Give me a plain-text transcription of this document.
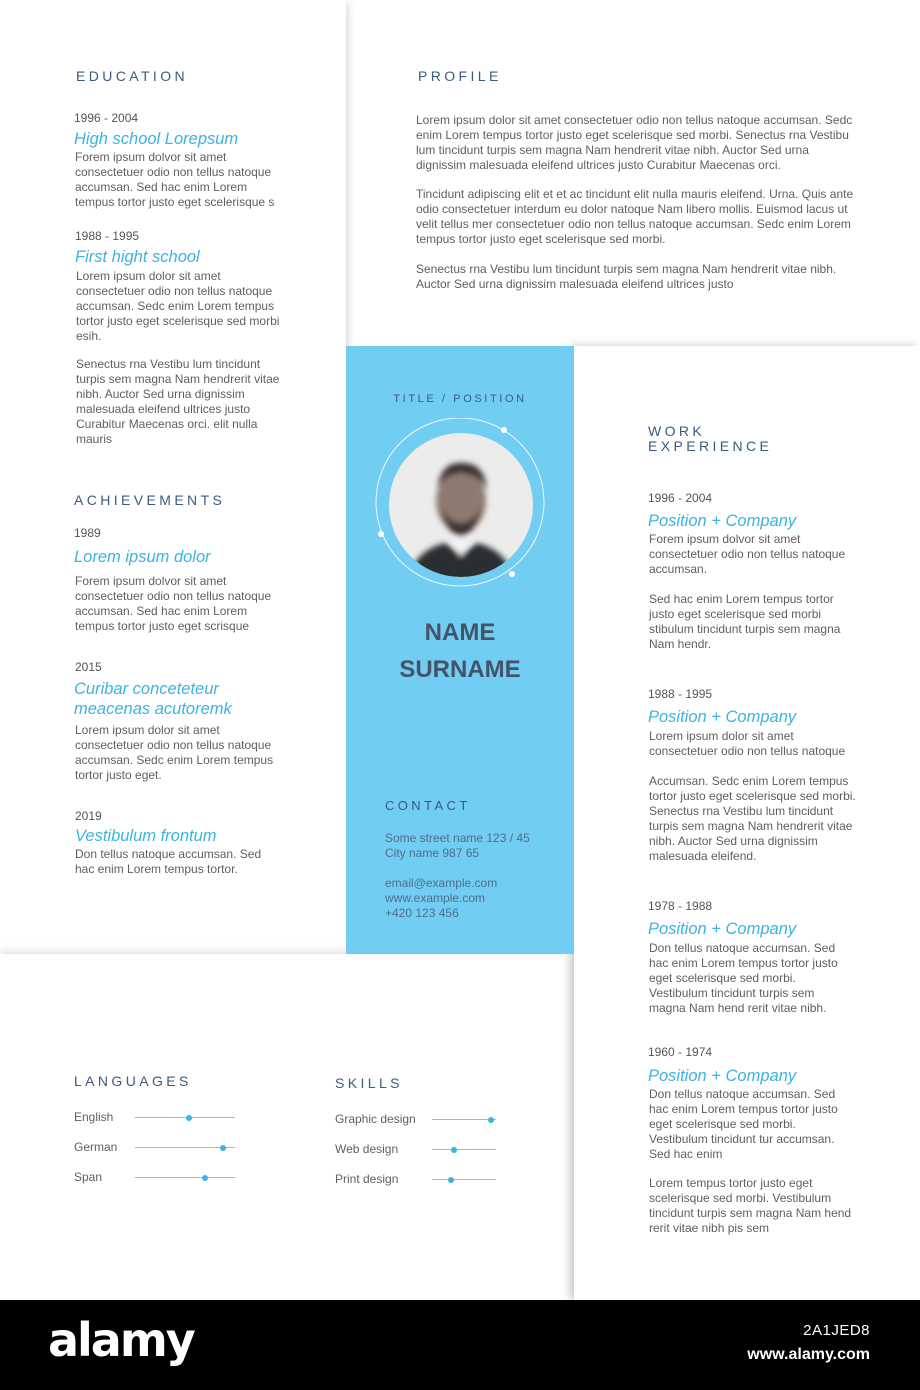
EDUCATION
1996 - 2004
High school Lorepsum
Forem ipsum dolvor sit amet consectetuer odio non tellus natoque accumsan. Sed hac enim Lorem tempus tortor justo eget scelerisque s
1988 - 1995
First hight school
Lorem ipsum dolor sit amet consectetuer odio non tellus natoque accumsan. Sedc enim Lorem tempus tortor justo eget scelerisque sed morbi esih.
Senectus rna Vestibu lum tincidunt turpis sem magna Nam hendrerit vitae nibh. Auctor Sed urna dignissim malesuada eleifend ultrices justo Curabitur Maecenas orci. elit nulla mauris
ACHIEVEMENTS
1989
Lorem ipsum dolor
Forem ipsum dolvor sit amet consectetuer odio non tellus natoque accumsan. Sed hac enim Lorem tempus tortor justo eget scrisque
2015
Curibar conceteteur meacenas acutoremk
Lorem ipsum dolor sit amet consectetuer odio non tellus natoque accumsan. Sedc enim Lorem tempus tortor justo eget.
2019
Vestibulum frontum
Don tellus natoque accumsan. Sed hac enim Lorem tempus tortor.
PROFILE
Lorem ipsum dolor sit amet consectetuer odio non tellus natoque accumsan. Sedc enim Lorem tempus tortor justo eget scelerisque sed morbi. Senectus rna Vestibu lum tincidunt turpis sem magna Nam hendrerit vitae nibh. Auctor Sed urna dignissim malesuada eleifend ultrices justo Curabitur Maecenas orci.
Tincidunt adipiscing elit et et ac tincidunt elit nulla mauris eleifend. Urna. Quis ante odio consectetuer interdum eu dolor natoque Nam libero mollis. Euismod lacus ut velit tellus mer consectetuer odio non tellus natoque accumsan. Sedc enim Lorem tempus tortor justo eget scelerisque sed morbi.
Senectus rna Vestibu lum tincidunt turpis sem magna Nam hendrerit vitae nibh. Auctor Sed urna dignissim malesuada eleifend ultrices justo
TITLE / POSITION
NAME
SURNAME
CONTACT
Some street name 123 / 45
City name 987 65
email@example.com
www.example.com
+420 123 456
WORK
EXPERIENCE
1996 - 2004
Position + Company
Forem ipsum dolvor sit amet consectetuer odio non tellus natoque accumsan.
Sed hac enim Lorem tempus tortor justo eget scelerisque sed morbi stibulum tincidunt turpis sem magna Nam hendr.
1988 - 1995
Position + Company
Lorem ipsum dolor sit amet consectetuer odio non tellus natoque
Accumsan. Sedc enim Lorem tempus tortor justo eget scelerisque sed morbi. Senectus rna Vestibu lum tincidunt turpis sem magna Nam hendrerit vitae nibh. Auctor Sed urna dignissim malesuada eleifend.
1978 - 1988
Position + Company
Don tellus natoque accumsan. Sed hac enim Lorem tempus tortor justo eget scelerisque sed morbi. Vestibulum tincidunt turpis sem magna Nam hend rerit vitae nibh.
1960 - 1974
Position + Company
Don tellus natoque accumsan. Sed hac enim Lorem tempus tortor justo eget scelerisque sed morbi. Vestibulum tincidunt tur accumsan. Sed hac enim
Lorem tempus tortor justo eget scelerisque sed morbi. Vestibulum tincidunt turpis sem magna Nam hend rerit vitae nibh pis sem
LANGUAGES
English
German
Span
SKILLS
Graphic design
Web design
Print design
alamy	2A1JED8
www.alamy.com
